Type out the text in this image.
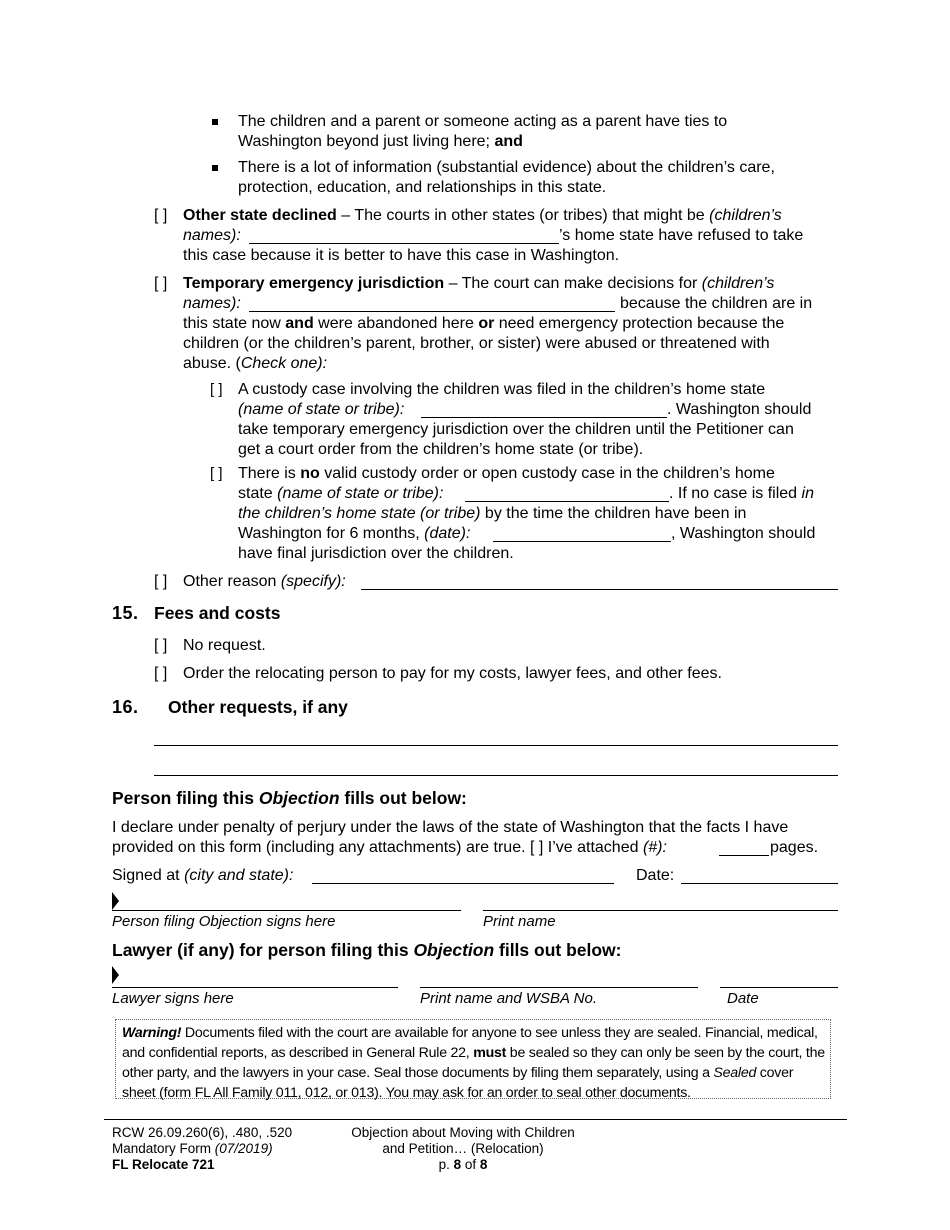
The children and a parent or someone acting as a parent have ties to

Washington beyond just living here; and

There is a lot of information (substantial evidence) about the children’s care,

protection, education, and relationships in this state.

[ ] Other state declined – The courts in other states (or tribes) that might be (children’s

names):	’s home state have refused to take

this case because it is better to have this case in Washington.

[ ] Temporary emergency jurisdiction – The court can make decisions for (children’s

names):	because the children are in

this state now and were abandoned here or need emergency protection because the

children (or the children’s parent, brother, or sister) were abused or threatened with

abuse. (Check one):

[ ] A custody case involving the children was filed in the children’s home state

(name of state or tribe):	. Washington should

take temporary emergency jurisdiction over the children until the Petitioner can

get a court order from the children’s home state (or tribe).

[ ] There is no valid custody order or open custody case in the children’s home

state (name of state or tribe):	. If no case is filed in

the children’s home state (or tribe) by the time the children have been in

Washington for 6 months, (date):	, Washington should

have final jurisdiction over the children.

[ ] Other reason (specify):

15. Fees and costs

[ ] No request.

[ ] Order the relocating person to pay for my costs, lawyer fees, and other fees.

16. Other requests, if any

Person filing this Objection fills out below:

I declare under penalty of perjury under the laws of the state of Washington that the facts I have

provided on this form (including any attachments) are true. [ ] I’ve attached (#):	pages.

Signed at (city and state):	Date:

Person filing Objection signs here	Print name

Lawyer (if any) for person filing this Objection fills out below:

Lawyer signs here	Print name and WSBA No.	Date

Warning! Documents filed with the court are available for anyone to see unless they are sealed. Financial, medical, and confidential reports, as described in General Rule 22, must be sealed so they can only be seen by the court, the other party, and the lawyers in your case. Seal those documents by filing them separately, using a Sealed cover sheet (form FL All Family 011, 012, or 013). You may ask for an order to seal other documents.

RCW 26.09.260(6), .480, .520

Mandatory Form (07/2019)

FL Relocate 721

Objection about Moving with Children

and Petition… (Relocation)

p. 8 of 8
